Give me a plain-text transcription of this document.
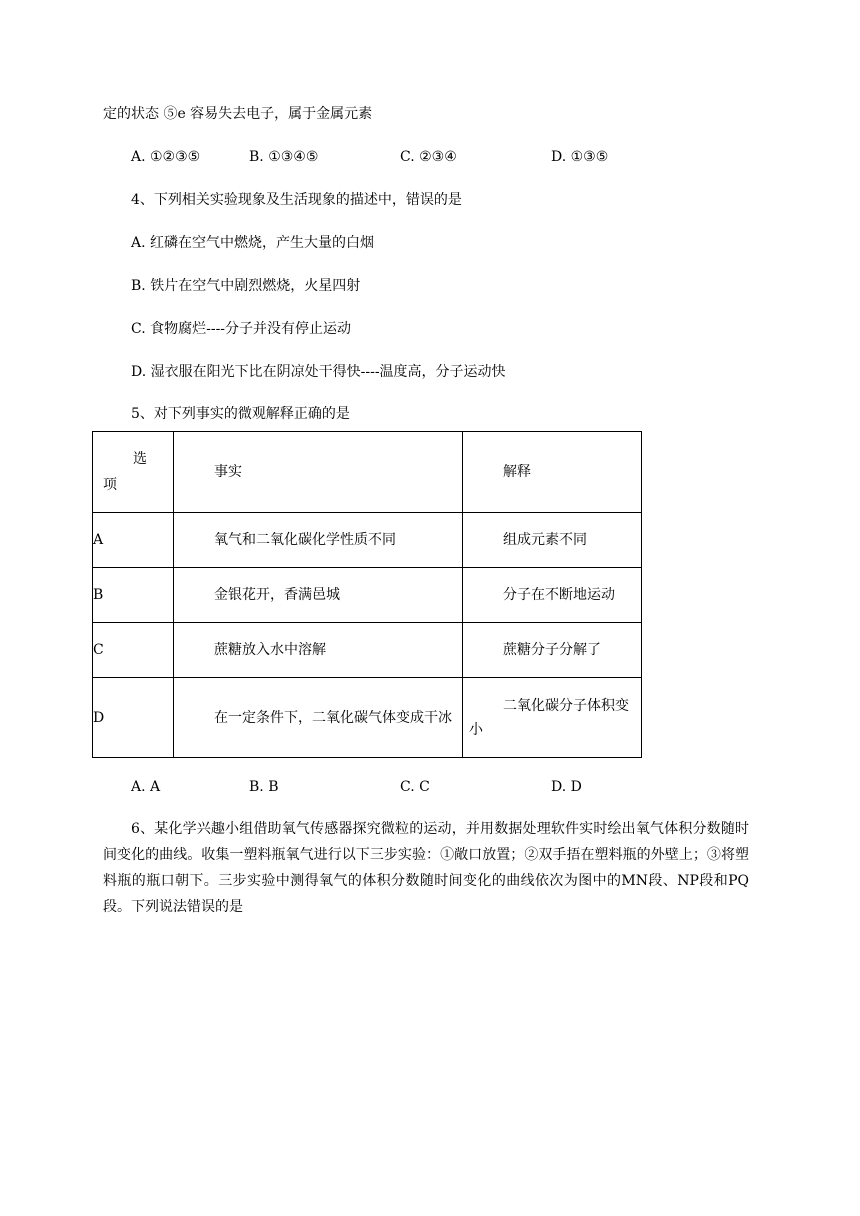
定的状态 ⑤e 容易失去电子，属于金属元素
A. ①②③⑤	B. ①③④⑤	C. ②③④	D. ①③⑤
4、下列相关实验现象及生活现象的描述中，错误的是
A. 红磷在空气中燃烧，产生大量的白烟
B. 铁片在空气中剧烈燃烧，火星四射
C. 食物腐烂----分子并没有停止运动
D. 湿衣服在阳光下比在阴凉处干得快----温度高，分子运动快
5、对下列事实的微观解释正确的是
选
项	事实	解释
A	氧气和二氧化碳化学性质不同	组成元素不同
B	金银花开，香满邑城	分子在不断地运动
C	蔗糖放入水中溶解	蔗糖分子分解了
D	在一定条件下，二氧化碳气体变成干冰	二氧化碳分子体积变小
A. A	B. B	C. C	D. D
6、某化学兴趣小组借助氧气传感器探究微粒的运动，并用数据处理软件实时绘出氧气体积分数随时间变化的曲线。收集一塑料瓶氧气进行以下三步实验：①敞口放置；②双手捂在塑料瓶的外壁上；③将塑料瓶的瓶口朝下。三步实验中测得氧气的体积分数随时间变化的曲线依次为图中的MN段、NP段和PQ段。下列说法错误的是
